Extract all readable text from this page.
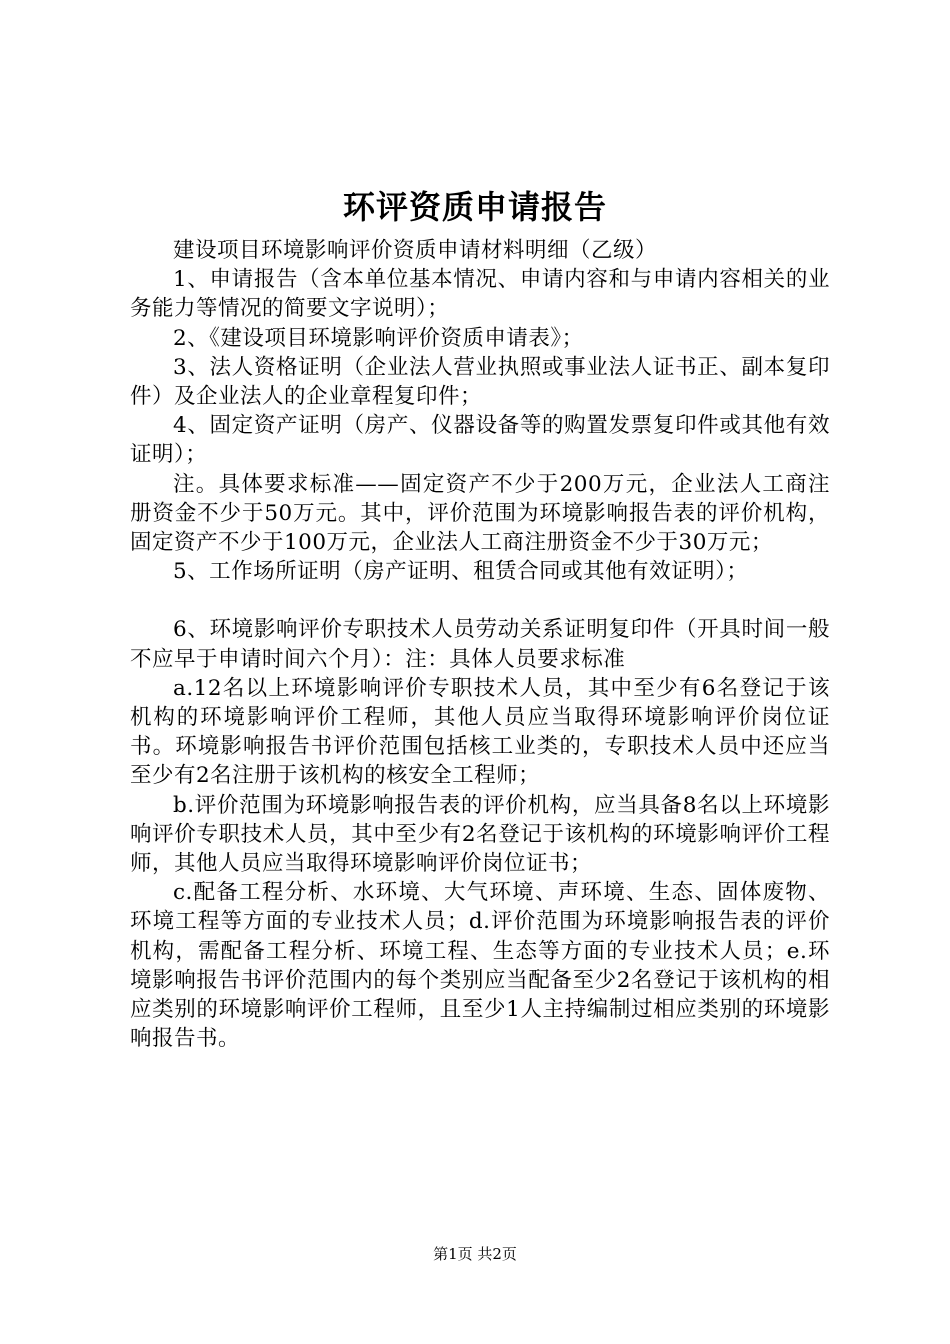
环评资质申请报告

建设项目环境影响评价资质申请材料明细（乙级）

1、申请报告（含本单位基本情况、申请内容和与申请内容相关的业务能力等情况的简要文字说明）；

2、《建设项目环境影响评价资质申请表》；

3、法人资格证明（企业法人营业执照或事业法人证书正、副本复印件）及企业法人的企业章程复印件；

4、固定资产证明（房产、仪器设备等的购置发票复印件或其他有效证明）；

注。具体要求标准——固定资产不少于200万元，企业法人工商注册资金不少于50万元。其中，评价范围为环境影响报告表的评价机构，固定资产不少于100万元，企业法人工商注册资金不少于30万元；

5、工作场所证明（房产证明、租赁合同或其他有效证明）；

6、环境影响评价专职技术人员劳动关系证明复印件（开具时间一般不应早于申请时间六个月）：注：具体人员要求标准

a.12名以上环境影响评价专职技术人员，其中至少有6名登记于该机构的环境影响评价工程师，其他人员应当取得环境影响评价岗位证书。环境影响报告书评价范围包括核工业类的，专职技术人员中还应当至少有2名注册于该机构的核安全工程师；

b.评价范围为环境影响报告表的评价机构，应当具备8名以上环境影响评价专职技术人员，其中至少有2名登记于该机构的环境影响评价工程师，其他人员应当取得环境影响评价岗位证书；

c.配备工程分析、水环境、大气环境、声环境、生态、固体废物、环境工程等方面的专业技术人员；d.评价范围为环境影响报告表的评价机构，需配备工程分析、环境工程、生态等方面的专业技术人员；e.环境影响报告书评价范围内的每个类别应当配备至少2名登记于该机构的相应类别的环境影响评价工程师，且至少1人主持编制过相应类别的环境影响报告书。

第1页 共2页
